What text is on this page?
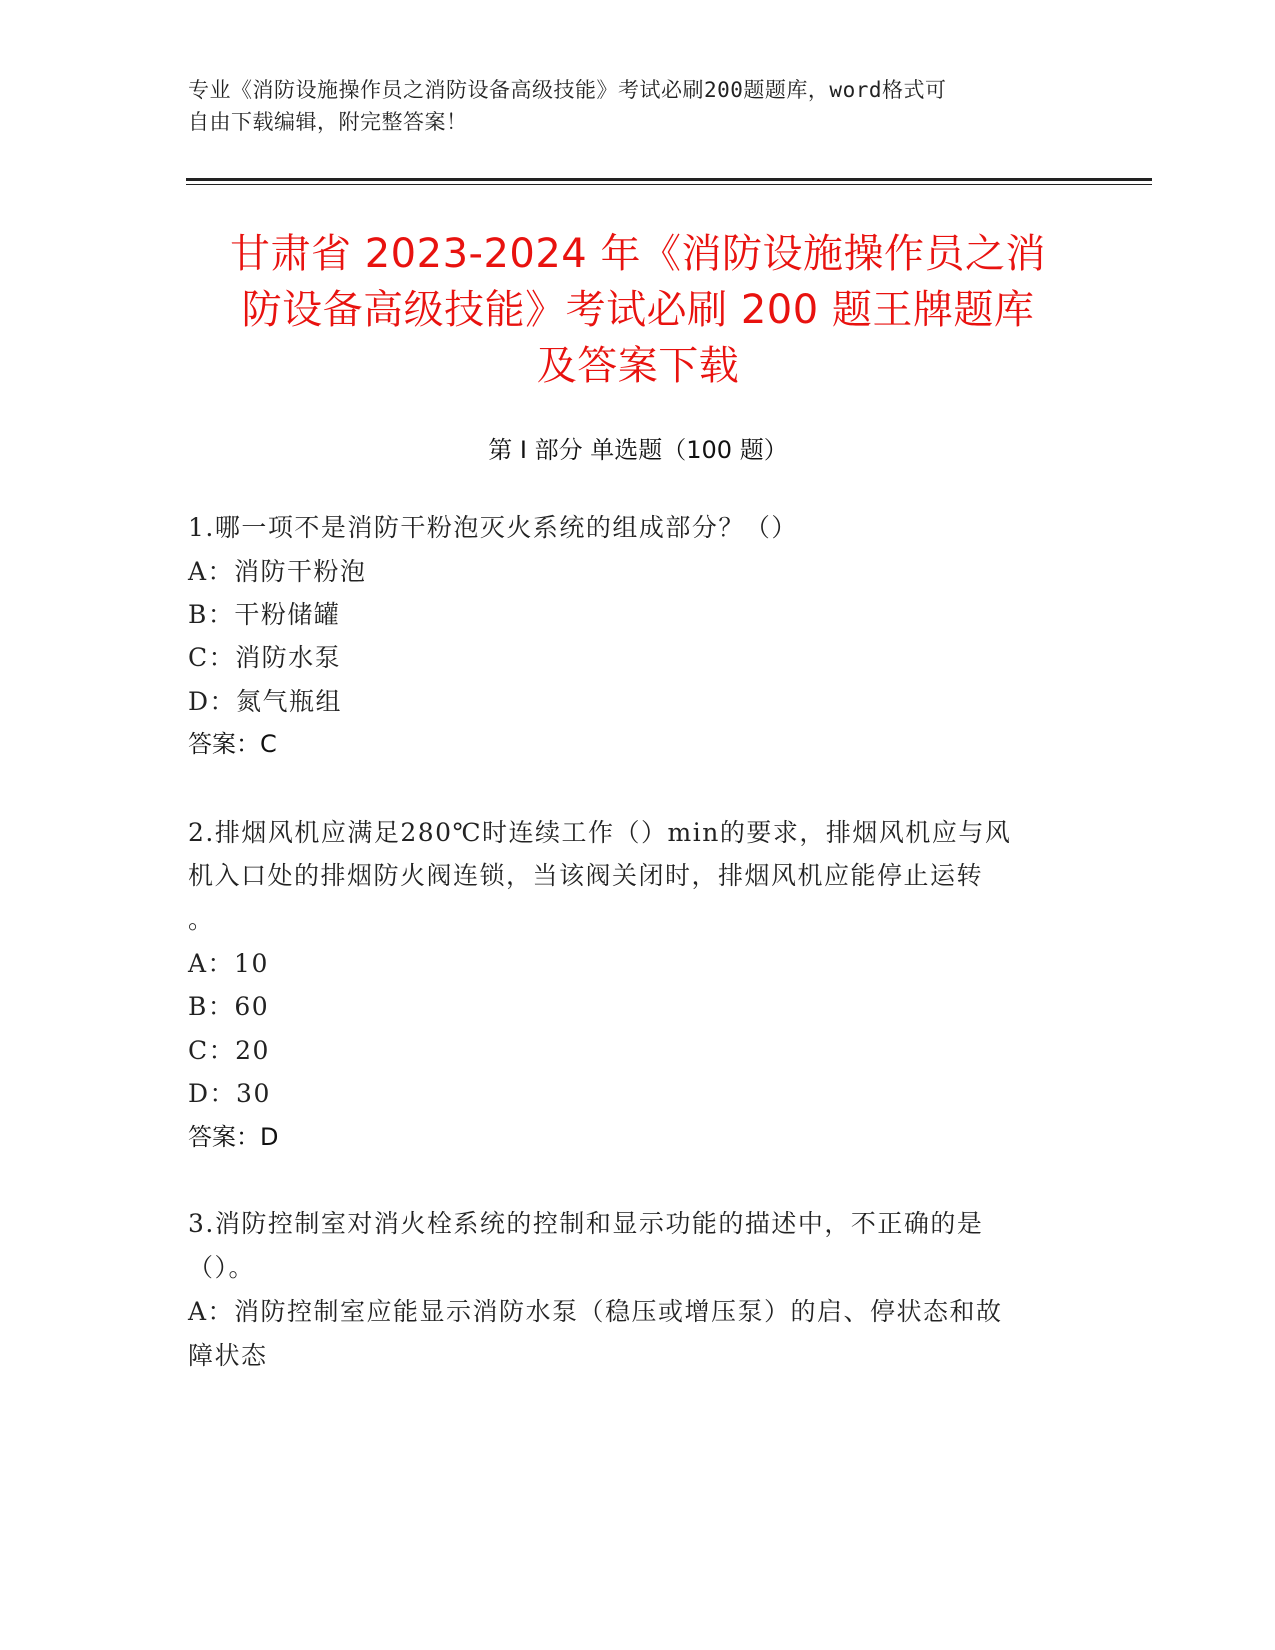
专业《消防设施操作员之消防设备高级技能》考试必刷200题题库，word格式可
自由下载编辑，附完整答案！
甘肃省 2023-2024 年《消防设施操作员之消
防设备高级技能》考试必刷 200 题王牌题库
及答案下载
第 I 部分 单选题（100 题）
1.哪一项不是消防干粉泡灭火系统的组成部分？（）
A：消防干粉泡
B：干粉储罐
C：消防水泵
D：氮气瓶组
答案：C
2.排烟风机应满足280℃时连续工作（）min的要求，排烟风机应与风
机入口处的排烟防火阀连锁，当该阀关闭时，排烟风机应能停止运转
。
A：10
B：60
C：20
D：30
答案：D
3.消防控制室对消火栓系统的控制和显示功能的描述中，不正确的是
（）。
A：消防控制室应能显示消防水泵（稳压或增压泵）的启、停状态和故
障状态
